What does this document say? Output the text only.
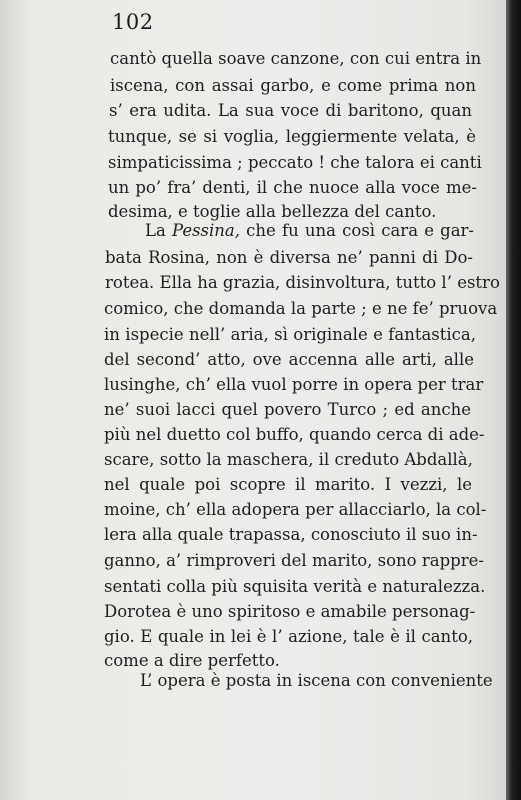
102
cantò quella soave canzone, con cui entra in
iscena, con assai garbo, e come prima non
s’ era udita. La sua voce di baritono, quan
tunque, se si voglia, leggiermente velata, è
simpaticissima ; peccato ! che talora ei canti
un po’ fra’ denti, il che nuoce alla voce me-
desima, e toglie alla bellezza del canto.
La Pessina, che fu una così cara e gar-
bata Rosina, non è diversa ne’ panni di Do-
rotea. Ella ha grazia, disinvoltura, tutto l’ estro
comico, che domanda la parte ; e ne fe’ pruova
in ispecie nell’ aria, sì originale e fantastica,
del second’ atto, ove accenna alle arti, alle
lusinghe, ch’ ella vuol porre in opera per trar
ne’ suoi lacci quel povero Turco ; ed anche
più nel duetto col buffo, quando cerca di ade-
scare, sotto la maschera, il creduto Abdallà,
nel quale poi scopre il marito. I vezzi, le
moine, ch’ ella adopera per allacciarlo, la col-
lera alla quale trapassa, conosciuto il suo in-
ganno, a’ rimproveri del marito, sono rappre-
sentati colla più squisita verità e naturalezza.
Dorotea è uno spiritoso e amabile personag-
gio. E quale in lei è l’ azione, tale è il canto,
come a dire perfetto.
L’ opera è posta in iscena con conveniente
